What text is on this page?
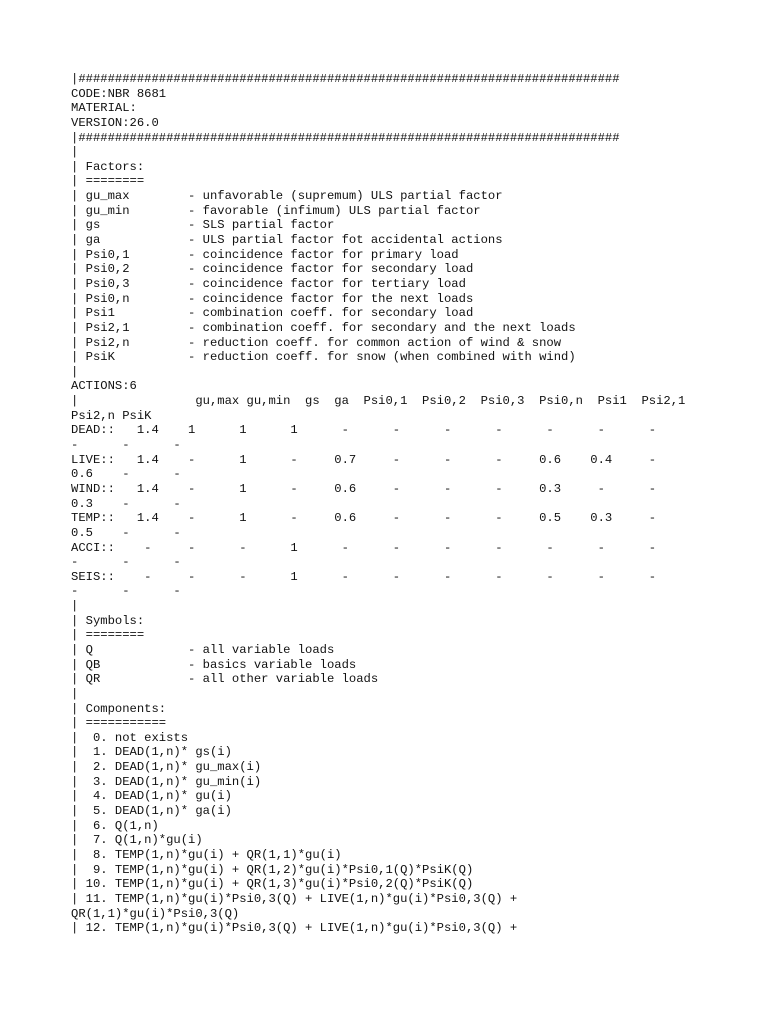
|##########################################################################
CODE:NBR 8681
MATERIAL:
VERSION:26.0
|##########################################################################
|
| Factors:
| ========
| gu_max        - unfavorable (supremum) ULS partial factor
| gu_min        - favorable (infimum) ULS partial factor
| gs            - SLS partial factor
| ga            - ULS partial factor fot accidental actions
| Psi0,1        - coincidence factor for primary load
| Psi0,2        - coincidence factor for secondary load
| Psi0,3        - coincidence factor for tertiary load
| Psi0,n        - coincidence factor for the next loads
| Psi1          - combination coeff. for secondary load
| Psi2,1        - combination coeff. for secondary and the next loads
| Psi2,n        - reduction coeff. for common action of wind & snow
| PsiK          - reduction coeff. for snow (when combined with wind)
|
ACTIONS:6
|                gu,max gu,min  gs  ga  Psi0,1  Psi0,2  Psi0,3  Psi0,n  Psi1  Psi2,1
Psi2,n PsiK
DEAD::   1.4    1      1      1      -      -      -      -      -      -      -
-      -      -
LIVE::   1.4    -      1      -     0.7     -      -      -     0.6    0.4     -
0.6    -      -
WIND::   1.4    -      1      -     0.6     -      -      -     0.3     -      -
0.3    -      -
TEMP::   1.4    -      1      -     0.6     -      -      -     0.5    0.3     -
0.5    -      -
ACCI::    -     -      -      1      -      -      -      -      -      -      -
-      -      -
SEIS::    -     -      -      1      -      -      -      -      -      -      -
-      -      -
|
| Symbols:
| ========
| Q             - all variable loads
| QB            - basics variable loads
| QR            - all other variable loads
|
| Components:
| ===========
|  0. not exists
|  1. DEAD(1,n)* gs(i)
|  2. DEAD(1,n)* gu_max(i)
|  3. DEAD(1,n)* gu_min(i)
|  4. DEAD(1,n)* gu(i)
|  5. DEAD(1,n)* ga(i)
|  6. Q(1,n)
|  7. Q(1,n)*gu(i)
|  8. TEMP(1,n)*gu(i) + QR(1,1)*gu(i)
|  9. TEMP(1,n)*gu(i) + QR(1,2)*gu(i)*Psi0,1(Q)*PsiK(Q)
| 10. TEMP(1,n)*gu(i) + QR(1,3)*gu(i)*Psi0,2(Q)*PsiK(Q)
| 11. TEMP(1,n)*gu(i)*Psi0,3(Q) + LIVE(1,n)*gu(i)*Psi0,3(Q) +
QR(1,1)*gu(i)*Psi0,3(Q)
| 12. TEMP(1,n)*gu(i)*Psi0,3(Q) + LIVE(1,n)*gu(i)*Psi0,3(Q) +
